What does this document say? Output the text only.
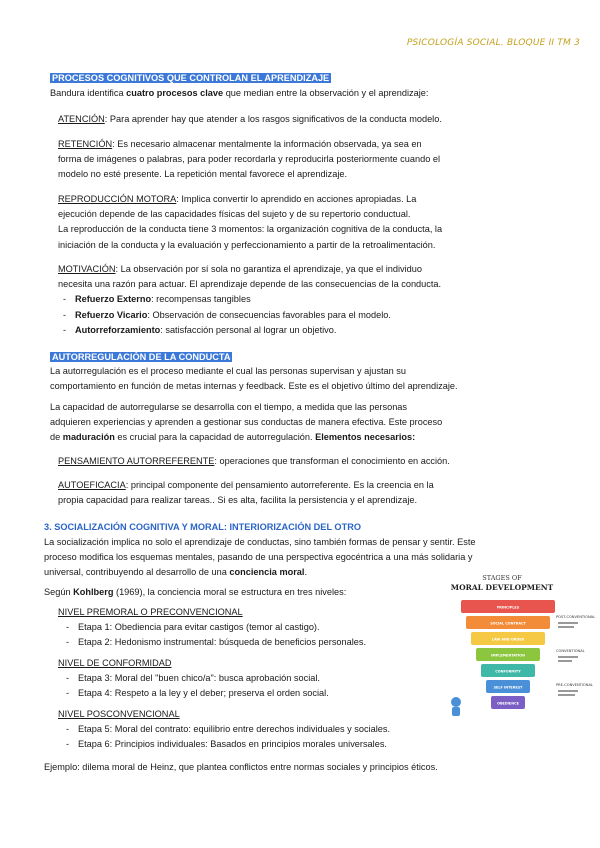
PSICOLOGÍA SOCIAL. BLOQUE II TM 3
PROCESOS COGNITIVOS QUE CONTROLAN EL APRENDIZAJE
Bandura identifica cuatro procesos clave que median entre la observación y el aprendizaje:
ATENCIÓN: Para aprender hay que atender a los rasgos significativos de la conducta modelo.
RETENCIÓN: Es necesario almacenar mentalmente la información observada, ya sea en
forma de imágenes o palabras, para poder recordarla y reproducirla posteriormente cuando el
modelo no esté presente. La repetición mental favorece el aprendizaje.
REPRODUCCIÓN MOTORA: Implica convertir lo aprendido en acciones apropiadas. La
ejecución depende de las capacidades físicas del sujeto y de su repertorio conductual.
La reproducción de la conducta tiene 3 momentos: la organización cognitiva de la conducta, la
iniciación de la conducta y la evaluación y perfeccionamiento a partir de la retroalimentación.
MOTIVACIÓN: La observación por sí sola no garantiza el aprendizaje, ya que el individuo
necesita una razón para actuar. El aprendizaje depende de las consecuencias de la conducta.
- Refuerzo Externo: recompensas tangibles
- Refuerzo Vicario: Observación de consecuencias favorables para el modelo.
- Autorreforzamiento: satisfacción personal al lograr un objetivo.
AUTORREGULACIÓN DE LA CONDUCTA
La autorregulación es el proceso mediante el cual las personas supervisan y ajustan su
comportamiento en función de metas internas y feedback. Este es el objetivo último del aprendizaje.
La capacidad de autorregularse se desarrolla con el tiempo, a medida que las personas
adquieren experiencias y aprenden a gestionar sus conductas de manera efectiva. Este proceso
de maduración es crucial para la capacidad de autorregulación. Elementos necesarios:
PENSAMIENTO AUTORREFERENTE: operaciones que transforman el conocimiento en acción.
AUTOEFICACIA: principal componente del pensamiento autorreferente. Es la creencia en la
propia capacidad para realizar tareas.. Si es alta, facilita la persistencia y el aprendizaje.
3. SOCIALIZACIÓN COGNITIVA Y MORAL: INTERIORIZACIÓN DEL OTRO
La socialización implica no solo el aprendizaje de conductas, sino también formas de pensar y sentir. Este
proceso modifica los esquemas mentales, pasando de una perspectiva egocéntrica a una más solidaria y
universal, contribuyendo al desarrollo de una conciencia moral.
Según Kohlberg (1969), la conciencia moral se estructura en tres niveles:
NIVEL PREMORAL O PRECONVENCIONAL
- Etapa 1: Obediencia para evitar castigos (temor al castigo).
- Etapa 2: Hedonismo instrumental: búsqueda de beneficios personales.
NIVEL DE CONFORMIDAD
- Etapa 3: Moral del "buen chico/a": busca aprobación social.
- Etapa 4: Respeto a la ley y el deber; preserva el orden social.
NIVEL POSCONVENCIONAL
- Etapa 5: Moral del contrato: equilibrio entre derechos individuales y sociales.
- Etapa 6: Principios individuales: Basados en principios morales universales.
Ejemplo: dilema moral de Heinz, que plantea conflictos entre normas sociales y principios éticos.
STAGES OF
MORAL DEVELOPMENT
OBEDIENCE
SELF INTEREST
CONFORMITY
IMPLEMENTATION
LAW AND ORDER
SOCIAL CONTRACT
PRINCIPLES
POST-CONVENTIONAL
CONVENTIONAL
PRE-CONVENTIONAL
